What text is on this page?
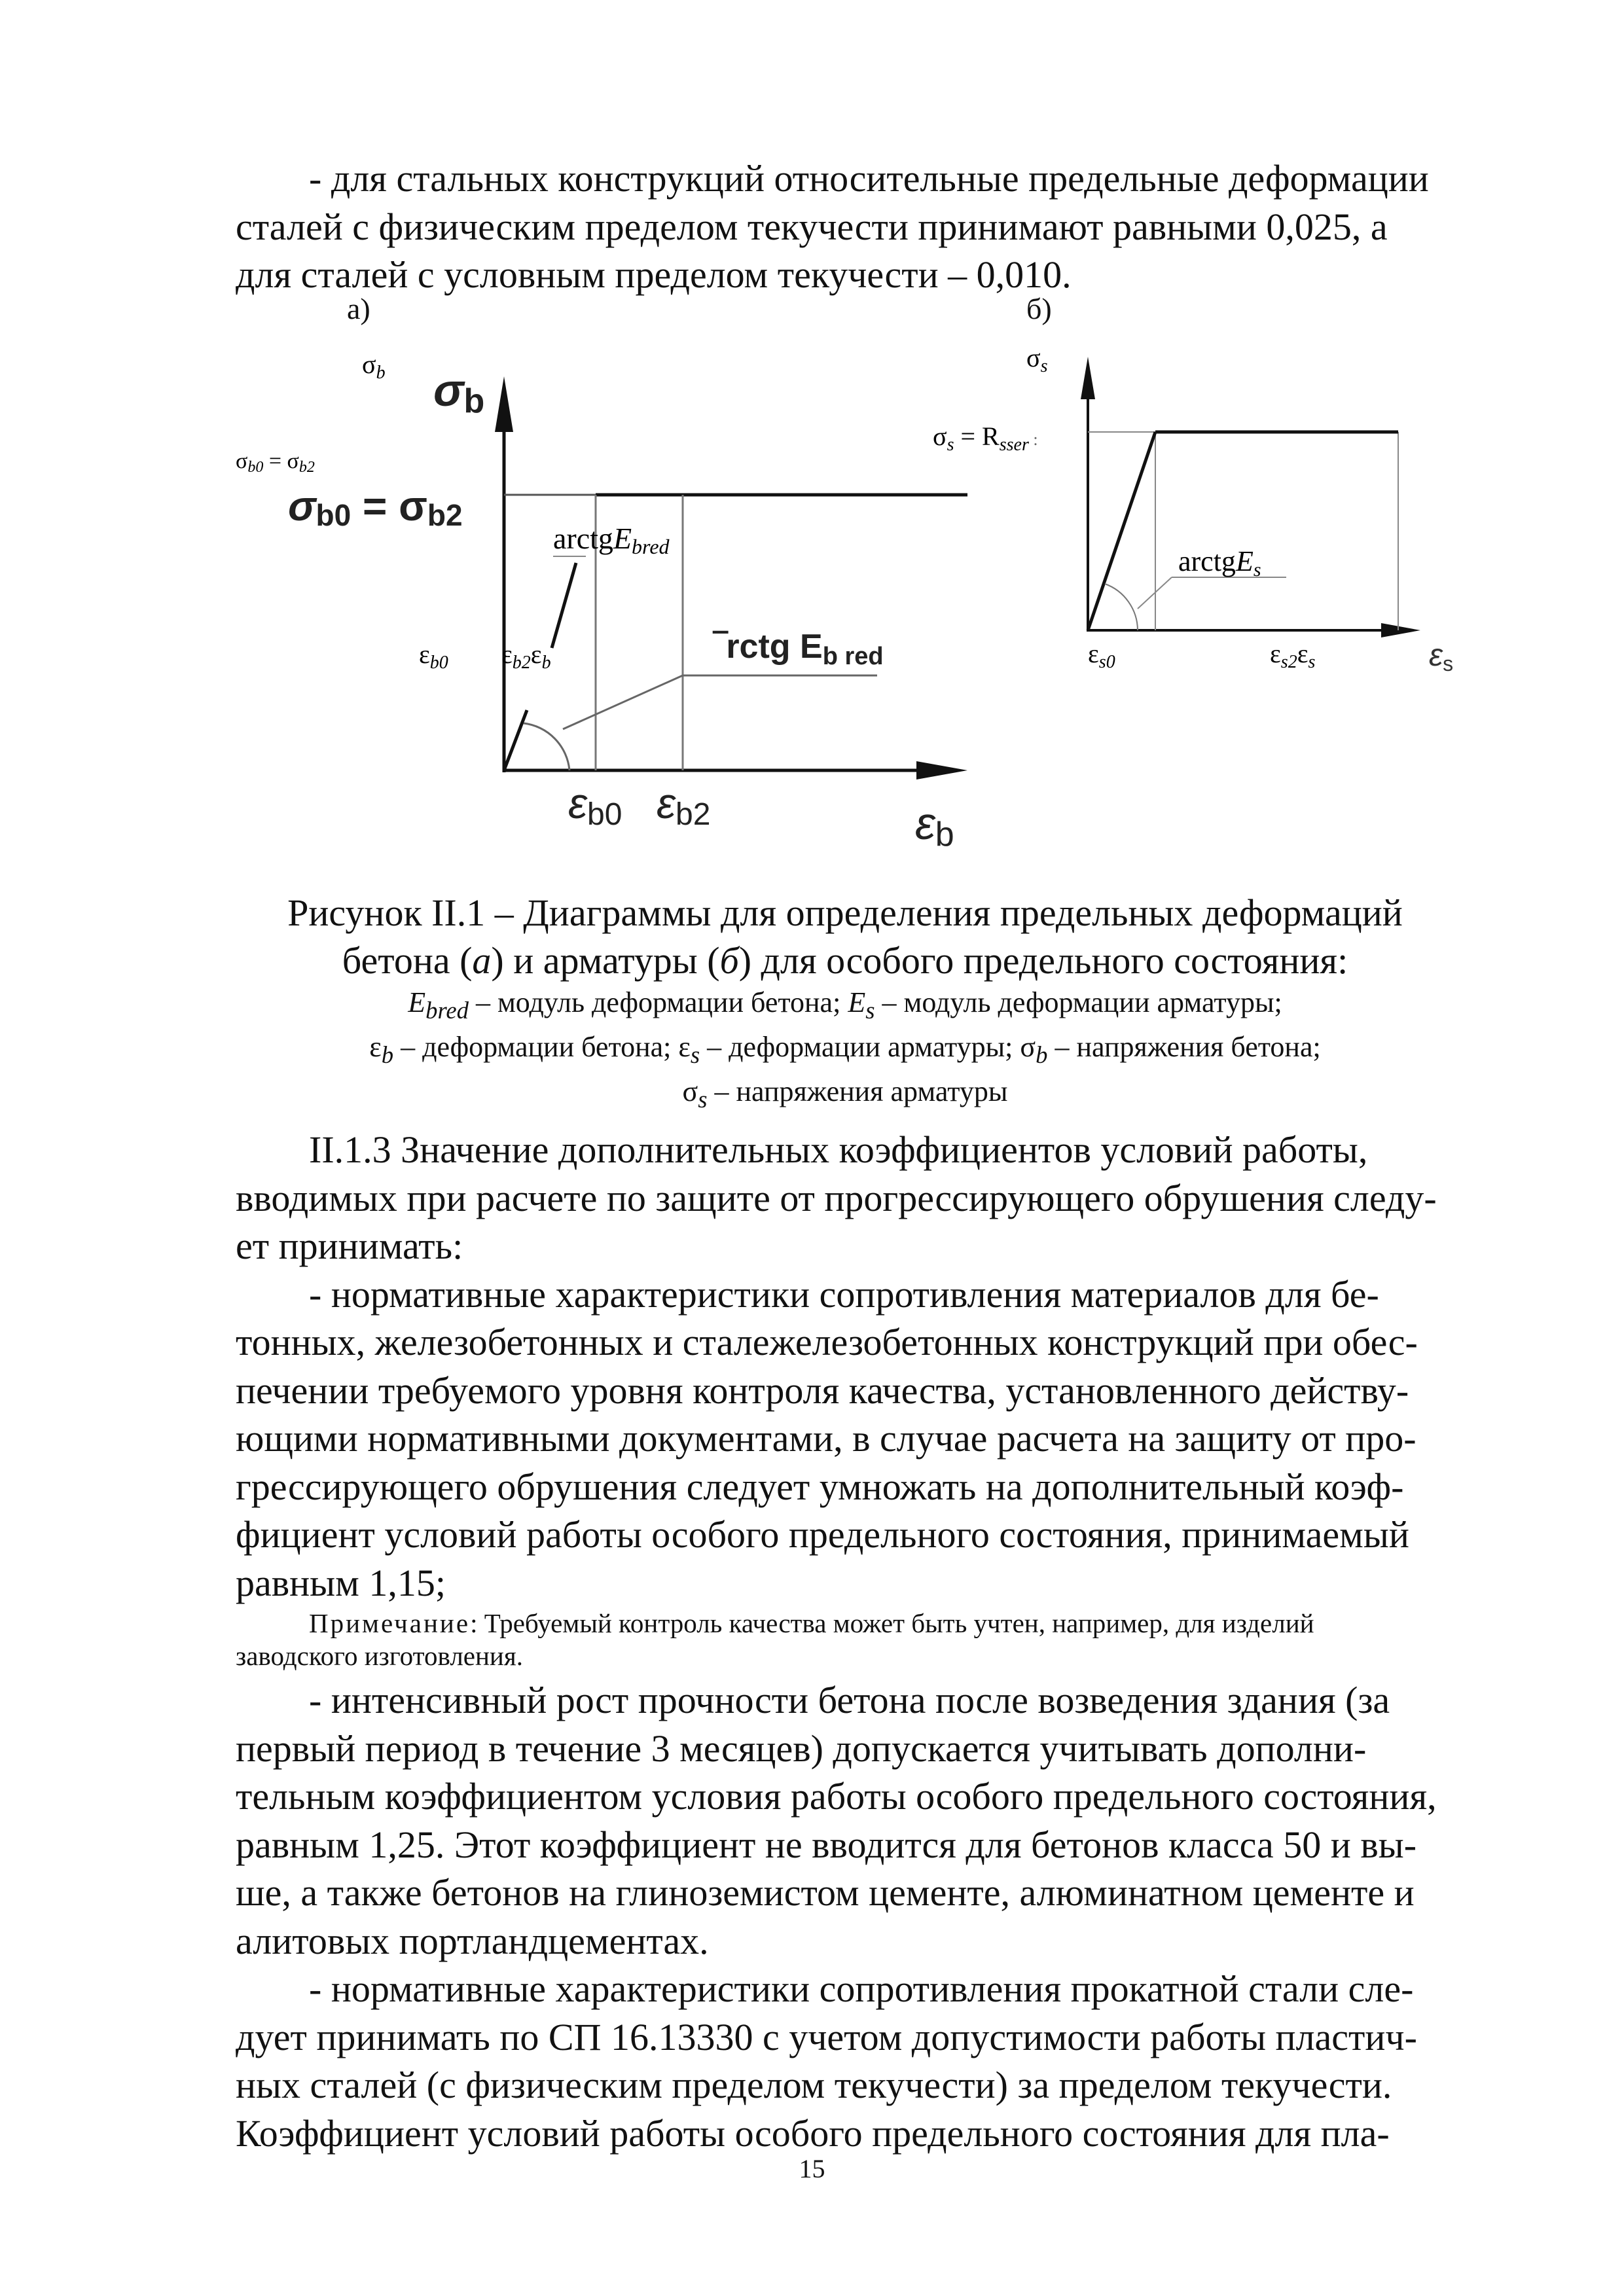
- для стальных конструкций относительные предельные деформации

сталей с физическим пределом текучести принимают равными 0,025, а

для сталей с условным пределом текучести – 0,010.

а)	б)
$\sigma_b$ σb
σb0 = σb2
σb0 = σb2
arctgEbred
‾rctg Eb red
$\varepsilon_{b0}$ $\varepsilon_{b2}\varepsilon_b$
εb0 εb2	εb
$\sigma_s$
$\sigma_s = R_{sser}$ :
arctgEs
$\varepsilon_{s0}$	$\varepsilon_{s2}\varepsilon_s$	εs

Рисунок II.1 – Диаграммы для определения предельных деформаций

бетона (а) и арматуры (б) для особого предельного состояния:

$E_{bred}$ – модуль деформации бетона; $E_s$ – модуль деформации арматуры;

$\varepsilon_b$ – деформации бетона; $\varepsilon_s$ – деформации арматуры; $\sigma_b$ – напряжения бетона;

$\sigma_s$ – напряжения арматуры

II.1.3 Значение дополнительных коэффициентов условий работы,

вводимых при расчете по защите от прогрессирующего обрушения следу-

ет принимать:

- нормативные характеристики сопротивления материалов для бе-

тонных, железобетонных и сталежелезобетонных конструкций при обес-

печении требуемого уровня контроля качества, установленного действу-

ющими нормативными документами, в случае расчета на защиту от про-

грессирующего обрушения следует умножать на дополнительный коэф-

фициент условий работы особого предельного состояния, принимаемый

равным 1,15;

Примечание: Требуемый контроль качества может быть учтен, например, для изделий

заводского изготовления.

- интенсивный рост прочности бетона после возведения здания (за

первый период в течение 3 месяцев) допускается учитывать дополни-

тельным коэффициентом условия работы особого предельного состояния,

равным 1,25. Этот коэффициент не вводится для бетонов класса 50 и вы-

ше, а также бетонов на глиноземистом цементе, алюминатном цементе и

алитовых портландцементах.

- нормативные характеристики сопротивления прокатной стали сле-

дует принимать по СП 16.13330 с учетом допустимости работы пластич-

ных сталей (с физическим пределом текучести) за пределом текучести.

Коэффициент условий работы особого предельного состояния для пла-

15
